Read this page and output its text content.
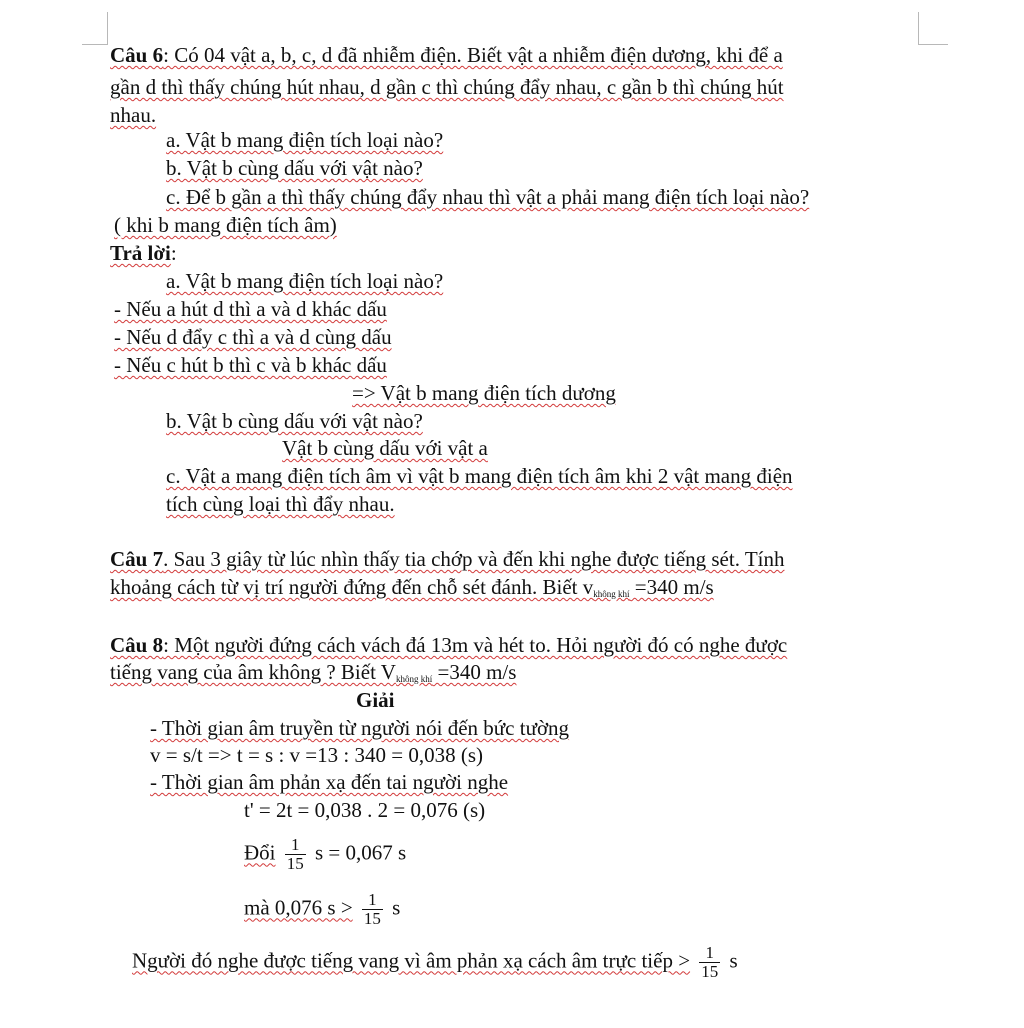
Câu 6: Có 04 vật a, b, c, d đã nhiễm điện. Biết vật a nhiễm điện dương, khi để a
gần d thì thấy chúng hút nhau, d gần c thì chúng đẩy nhau, c gần b thì chúng hút
nhau.
a. Vật b mang điện tích loại nào?
b. Vật b cùng dấu với vật nào?
c. Để b gần a thì thấy chúng đẩy nhau thì vật a phải mang điện tích loại nào?
( khi b mang điện tích âm)
Trả lời:
a. Vật b mang điện tích loại nào?
- Nếu a hút d thì a và d khác dấu
- Nếu d đẩy c thì a và d cùng dấu
- Nếu c hút b thì c và b khác dấu
=> Vật b mang điện tích dương
b. Vật b cùng dấu với vật nào?
Vật b cùng dấu với vật a
c. Vật a mang điện tích âm vì vật b mang điện tích âm khi 2 vật mang điện
tích cùng loại thì đẩy nhau.
Câu 7. Sau 3 giây từ lúc nhìn thấy tia chớp và đến khi nghe được tiếng sét. Tính
khoảng cách từ vị trí người đứng đến chỗ sét đánh. Biết $v_{không khí} =340$ m/s
Câu 8: Một người đứng cách vách đá 13m và hét to. Hỏi người đó có nghe được
tiếng vang của âm không ? Biết $V_{không khí} =340$ m/s
Giải
- Thời gian âm truyền từ người nói đến bức tường
v = s/t => t = s : v =13 : 340 = 0,038 (s)
- Thời gian âm phản xạ đến tai người nghe
t' = 2t = 0,038 . 2 = 0,076 (s)
Đổi $\frac{1}{15}$ s = 0,067 s
mà 0,076 $s > \frac{1}{15}$ s
Người đó nghe được tiếng vang vì âm phản xạ cách âm trực tiếp > $\frac{1}{15}$ s
